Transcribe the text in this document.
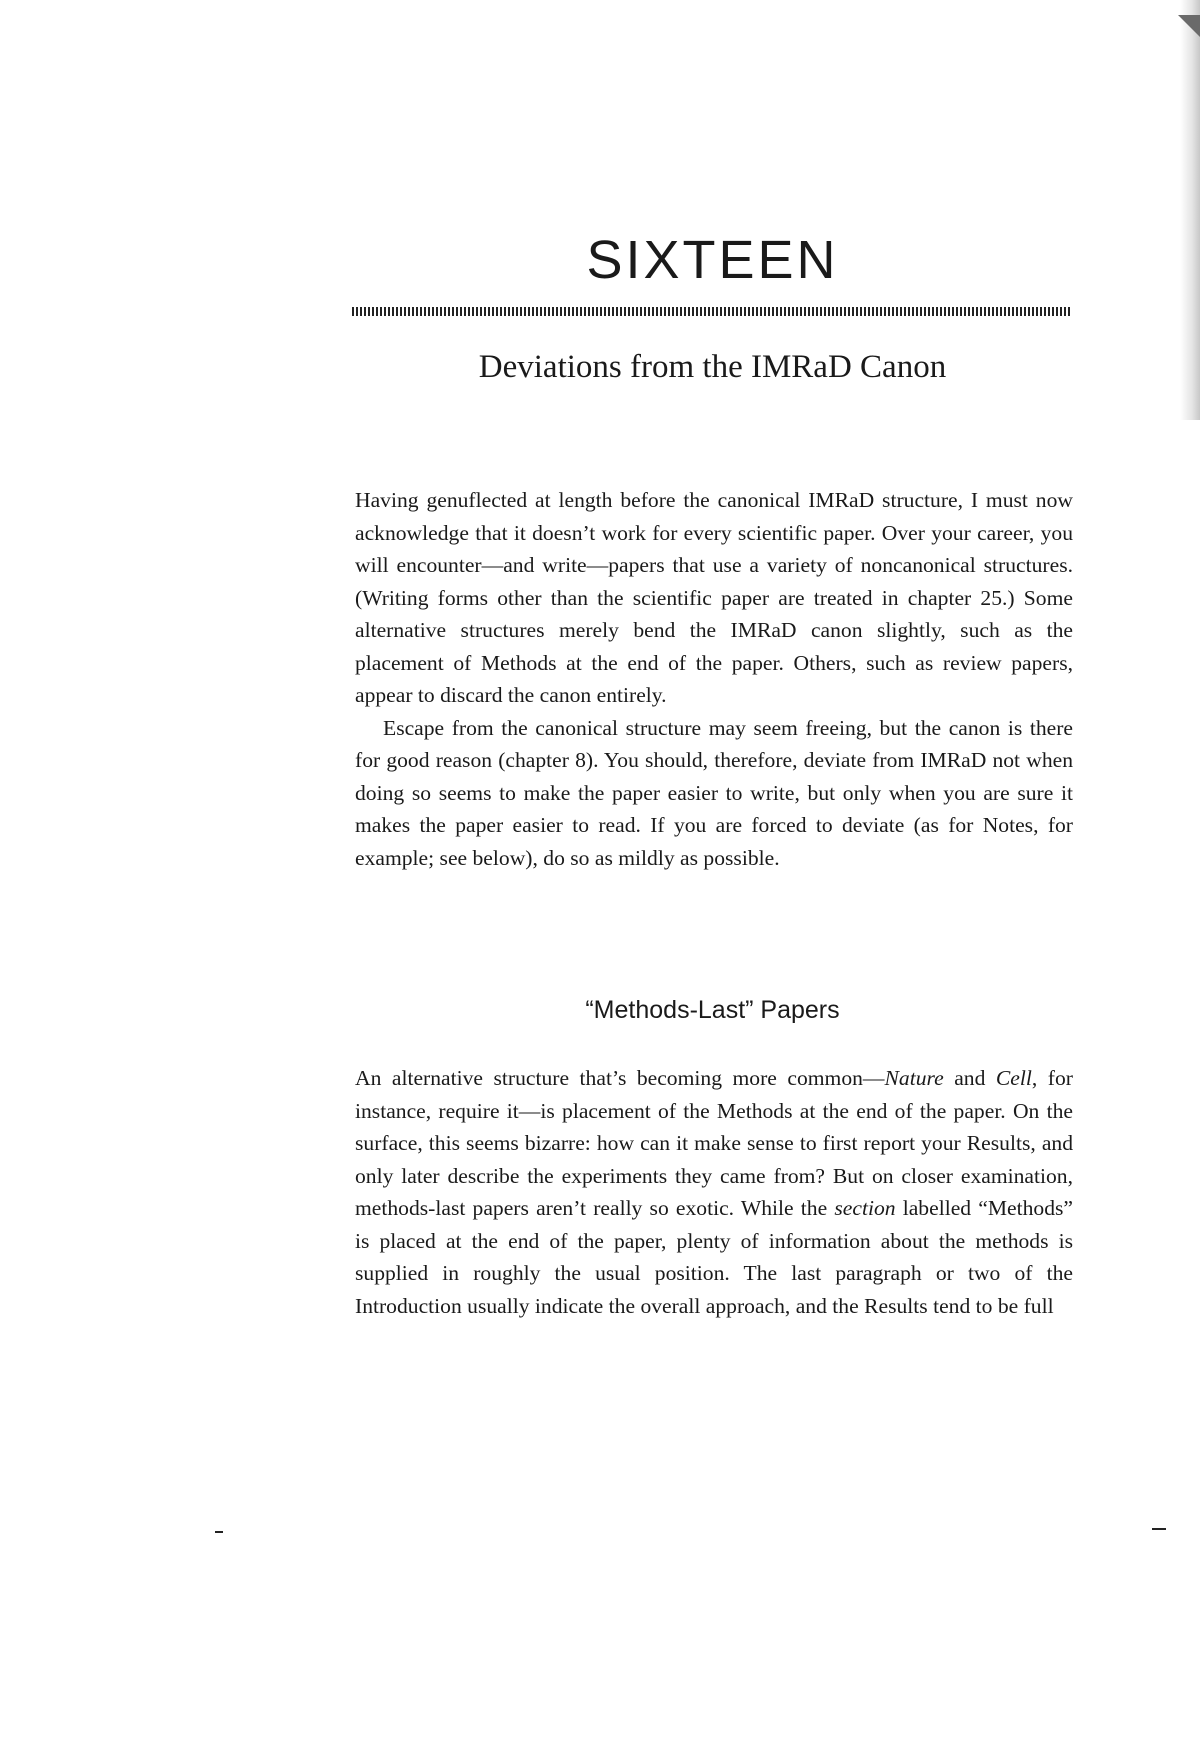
SIXTEEN
Deviations from the IMRaD Canon

Having genuflected at length before the canonical IMRaD structure, I must now acknowledge that it doesn’t work for every scientific paper. Over your career, you will encounter—and write—papers that use a variety of noncanonical structures. (Writing forms other than the scientific paper are treated in chapter 25.) Some alternative structures merely bend the IMRaD canon slightly, such as the placement of Methods at the end of the paper. Others, such as review papers, appear to discard the canon entirely.

Escape from the canonical structure may seem freeing, but the canon is there for good reason (chapter 8). You should, therefore, deviate from IMRaD not when doing so seems to make the paper easier to write, but only when you are sure it makes the paper easier to read. If you are forced to deviate (as for Notes, for example; see below), do so as mildly as possible.

“Methods-Last” Papers

An alternative structure that’s becoming more common—Nature and Cell, for instance, require it—is placement of the Methods at the end of the paper. On the surface, this seems bizarre: how can it make sense to first report your Results, and only later describe the experiments they came from? But on closer examination, methods-last papers aren’t really so exotic. While the section labelled “Methods” is placed at the end of the paper, plenty of information about the methods is supplied in roughly the usual position. The last paragraph or two of the Introduction usually indicate the overall approach, and the Results tend to be full
